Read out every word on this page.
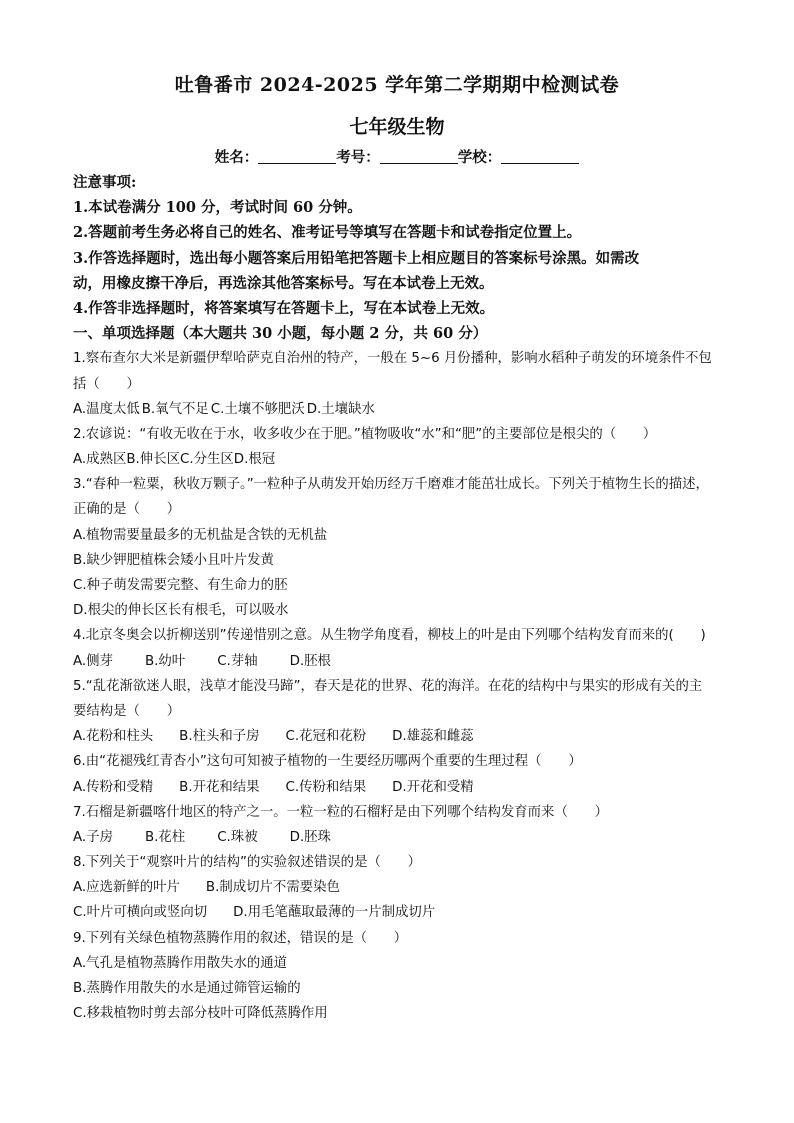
吐鲁番市 2024-2025 学年第二学期期中检测试卷
七年级生物
姓名：	考号：	学校：
注意事项:
1.本试卷满分 100 分，考试时间 60 分钟。
2.答题前考生务必将自己的姓名、准考证号等填写在答题卡和试卷指定位置上。
3.作答选择题时，选出每小题答案后用铅笔把答题卡上相应题目的答案标号涂黑。如需改
动，用橡皮擦干净后，再选涂其他答案标号。写在本试卷上无效。
4.作答非选择题时，将答案填写在答题卡上，写在本试卷上无效。
一、单项选择题（本大题共 30 小题，每小题 2 分，共 60 分）
1.察布查尔大米是新疆伊犁哈萨克自治州的特产，一般在 5~6 月份播种，影响水稻种子萌发的环境条件不包
括（　　）
A.温度太低 B.氧气不足 C.土壤不够肥沃 D.土壤缺水
2.农谚说：“有收无收在于水，收多收少在于肥。”植物吸收“水”和“肥”的主要部位是根尖的（　　）
A.成熟区 B.伸长区 C.分生区 D.根冠
3.“春种一粒粟，秋收万颗子。”一粒种子从萌发开始历经万千磨难才能茁壮成长。下列关于植物生长的描述，
正确的是（　　）
A.植物需要量最多的无机盐是含铁的无机盐
B.缺少钾肥植株会矮小且叶片发黄
C.种子萌发需要完整、有生命力的胚
D.根尖的伸长区长有根毛，可以吸水
4.北京冬奥会以折柳送别”传递惜别之意。从生物学角度看，柳枝上的叶是由下列哪个结构发育而来的(　　)
A.侧芽 B.幼叶 C.芽轴 D.胚根
5.“乱花渐欲迷人眼，浅草才能没马蹄”，春天是花的世界、花的海洋。在花的结构中与果实的形成有关的主
要结构是（　　）
A.花粉和柱头 B.柱头和子房 C.花冠和花粉 D.雄蕊和雌蕊
6.由“花褪残红青杏小”这句可知被子植物的一生要经历哪两个重要的生理过程（　　）
A.传粉和受精 B.开花和结果 C.传粉和结果 D.开花和受精
7.石榴是新疆喀什地区的特产之一。一粒一粒的石榴籽是由下列哪个结构发育而来（　　）
A.子房 B.花柱 C.珠被 D.胚珠
8.下列关于“观察叶片的结构”的实验叙述错误的是（　　）
A.应选新鲜的叶片 B.制成切片不需要染色
C.叶片可横向或竖向切 D.用毛笔蘸取最薄的一片制成切片
9.下列有关绿色植物蒸腾作用的叙述，错误的是（　　）
A.气孔是植物蒸腾作用散失水的通道
B.蒸腾作用散失的水是通过筛管运输的
C.移栽植物时剪去部分枝叶可降低蒸腾作用
